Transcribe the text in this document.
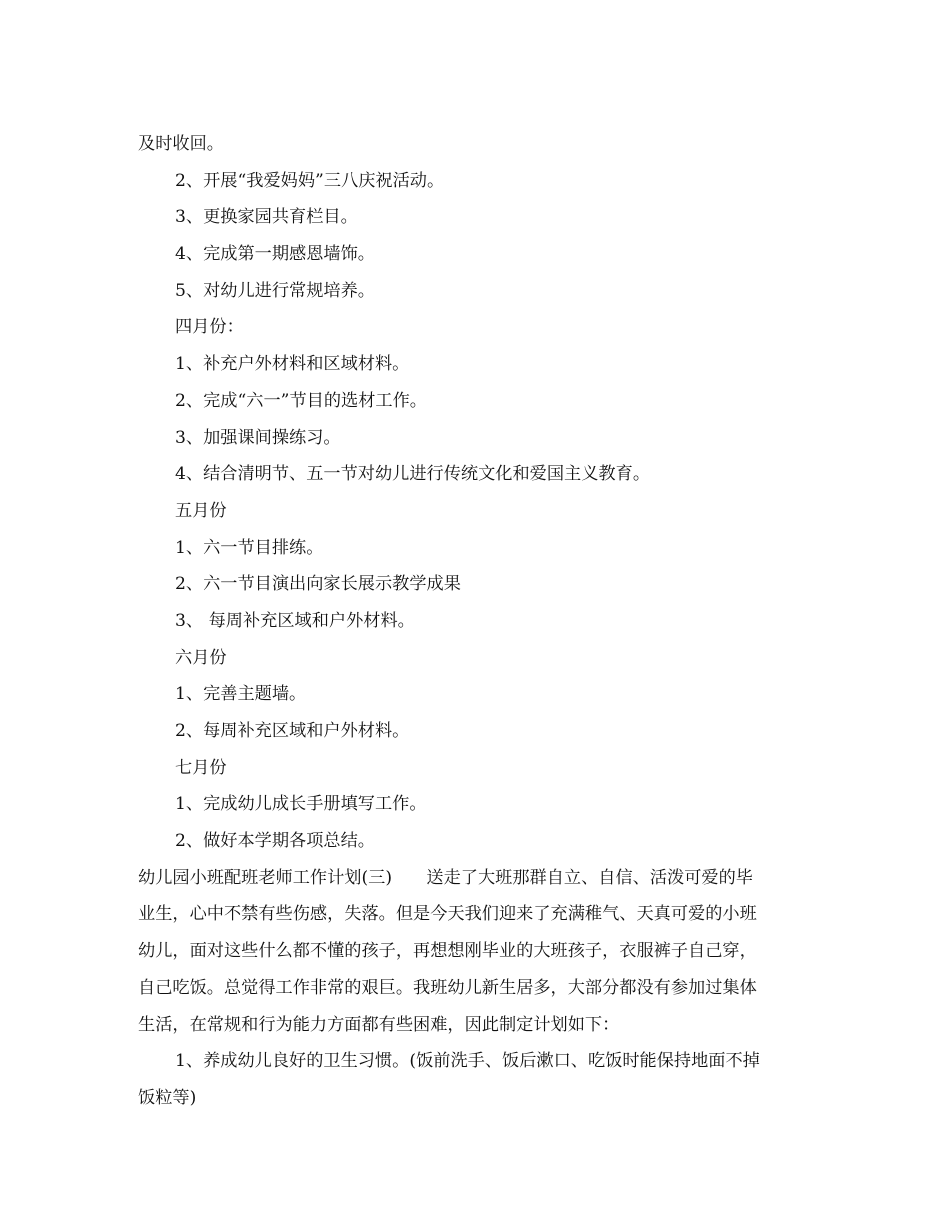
及时收回。
2、开展“我爱妈妈”三八庆祝活动。
3、更换家园共育栏目。
4、完成第一期感恩墙饰。
5、对幼儿进行常规培养。
四月份：
1、补充户外材料和区域材料。
2、完成“六一”节目的选材工作。
3、加强课间操练习。
4、结合清明节、五一节对幼儿进行传统文化和爱国主义教育。
五月份
1、六一节目排练。
2、六一节目演出向家长展示教学成果
3、 每周补充区域和户外材料。
六月份
1、完善主题墙。
2、每周补充区域和户外材料。
七月份
1、完成幼儿成长手册填写工作。
2、做好本学期各项总结。
幼儿园小班配班老师工作计划(三)　　送走了大班那群自立、自信、活泼可爱的毕
业生，心中不禁有些伤感，失落。但是今天我们迎来了充满稚气、天真可爱的小班
幼儿，面对这些什么都不懂的孩子，再想想刚毕业的大班孩子，衣服裤子自己穿，
自己吃饭。总觉得工作非常的艰巨。我班幼儿新生居多，大部分都没有参加过集体
生活，在常规和行为能力方面都有些困难，因此制定计划如下：
1、养成幼儿良好的卫生习惯。(饭前洗手、饭后漱口、吃饭时能保持地面不掉
饭粒等)
